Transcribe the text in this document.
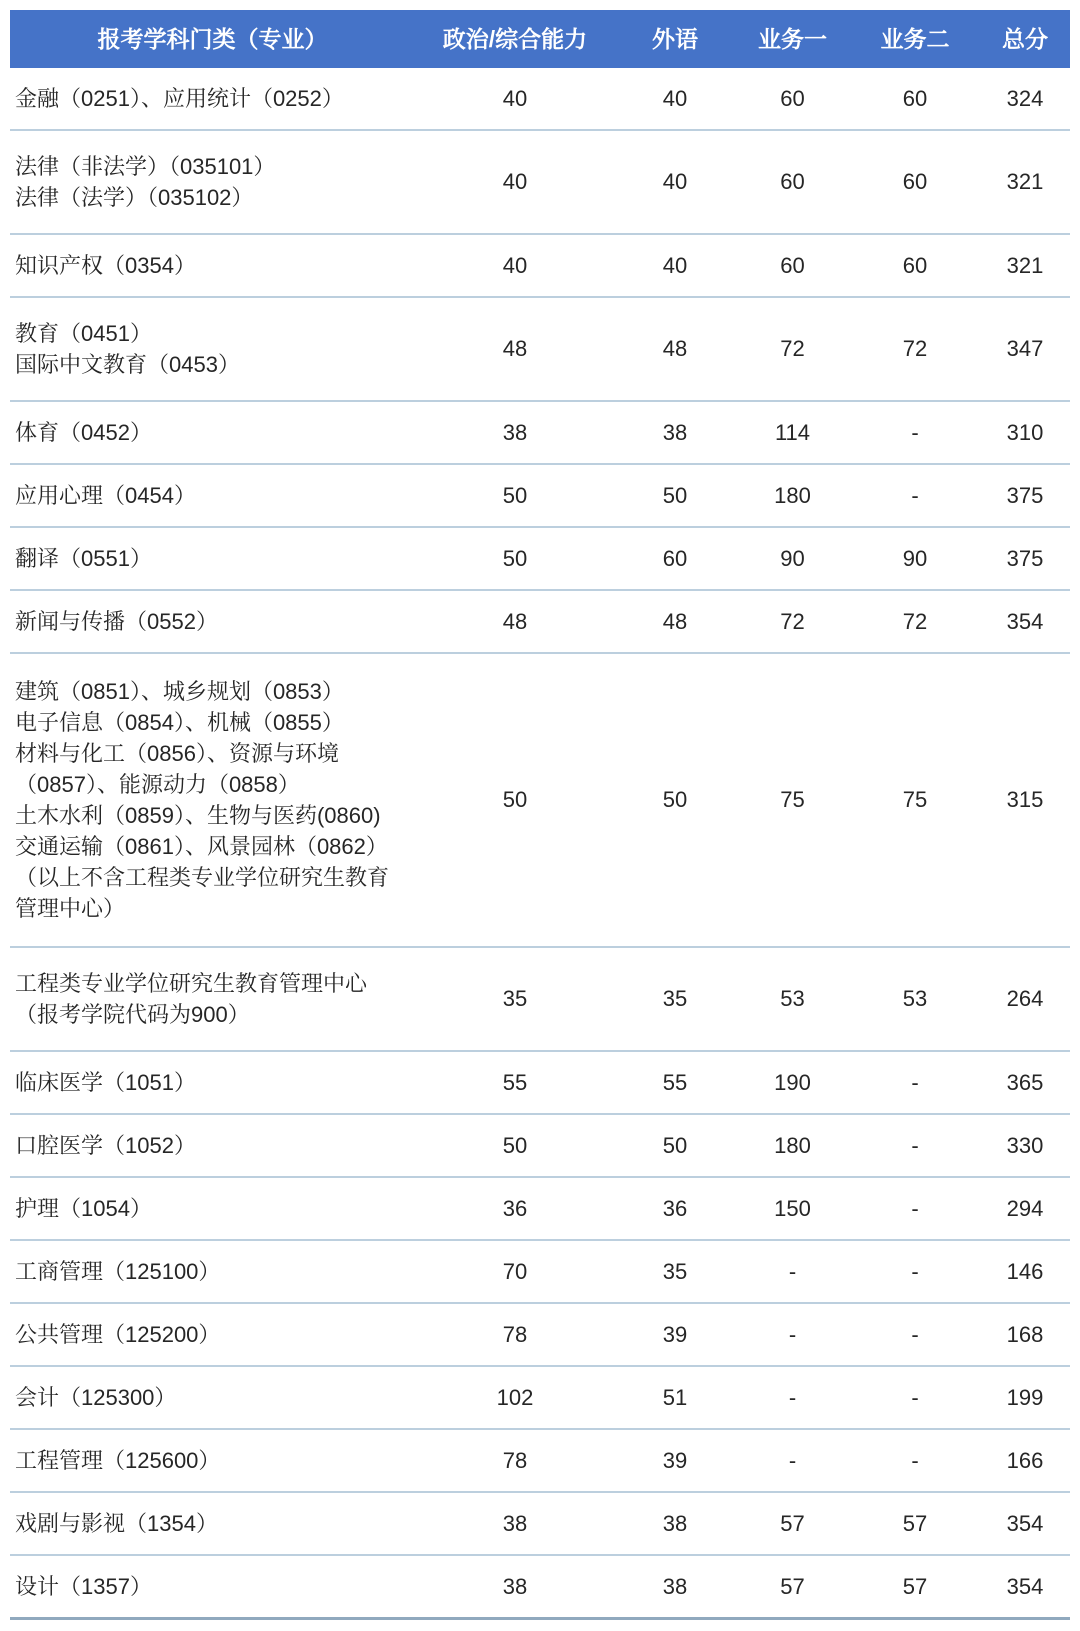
报考学科门类（专业）	政治/综合能力	外语	业务一	业务二	总分

金融（0251）、应用统计（0252）	40	40	60	60	324

法律（非法学）（035101）
法律（法学）（035102）	40	40	60	60	321

知识产权（0354）	40	40	60	60	321

教育（0451）
国际中文教育（0453）	48	48	72	72	347

体育（0452）	38	38	114	-	310

应用心理（0454）	50	50	180	-	375

翻译（0551）	50	60	90	90	375

新闻与传播（0552）	48	48	72	72	354

建筑（0851）、城乡规划（0853）
电子信息（0854）、机械（0855）
材料与化工（0856）、资源与环境
（0857）、能源动力（0858）
土木水利（0859）、生物与医药(0860)
交通运输（0861）、风景园林（0862）
（以上不含工程类专业学位研究生教育管理中心）
	50	50	75	75	315

工程类专业学位研究生教育管理中心
（报考学院代码为900）	35	35	53	53	264

临床医学（1051）	55	55	190	-	365

口腔医学（1052）	50	50	180	-	330

护理（1054）	36	36	150	-	294

工商管理（125100）	70	35	-	-	146

公共管理（125200）	78	39	-	-	168

会计（125300）	102	51	-	-	199

工程管理（125600）	78	39	-	-	166

戏剧与影视（1354）	38	38	57	57	354

设计（1357）	38	38	57	57	354
